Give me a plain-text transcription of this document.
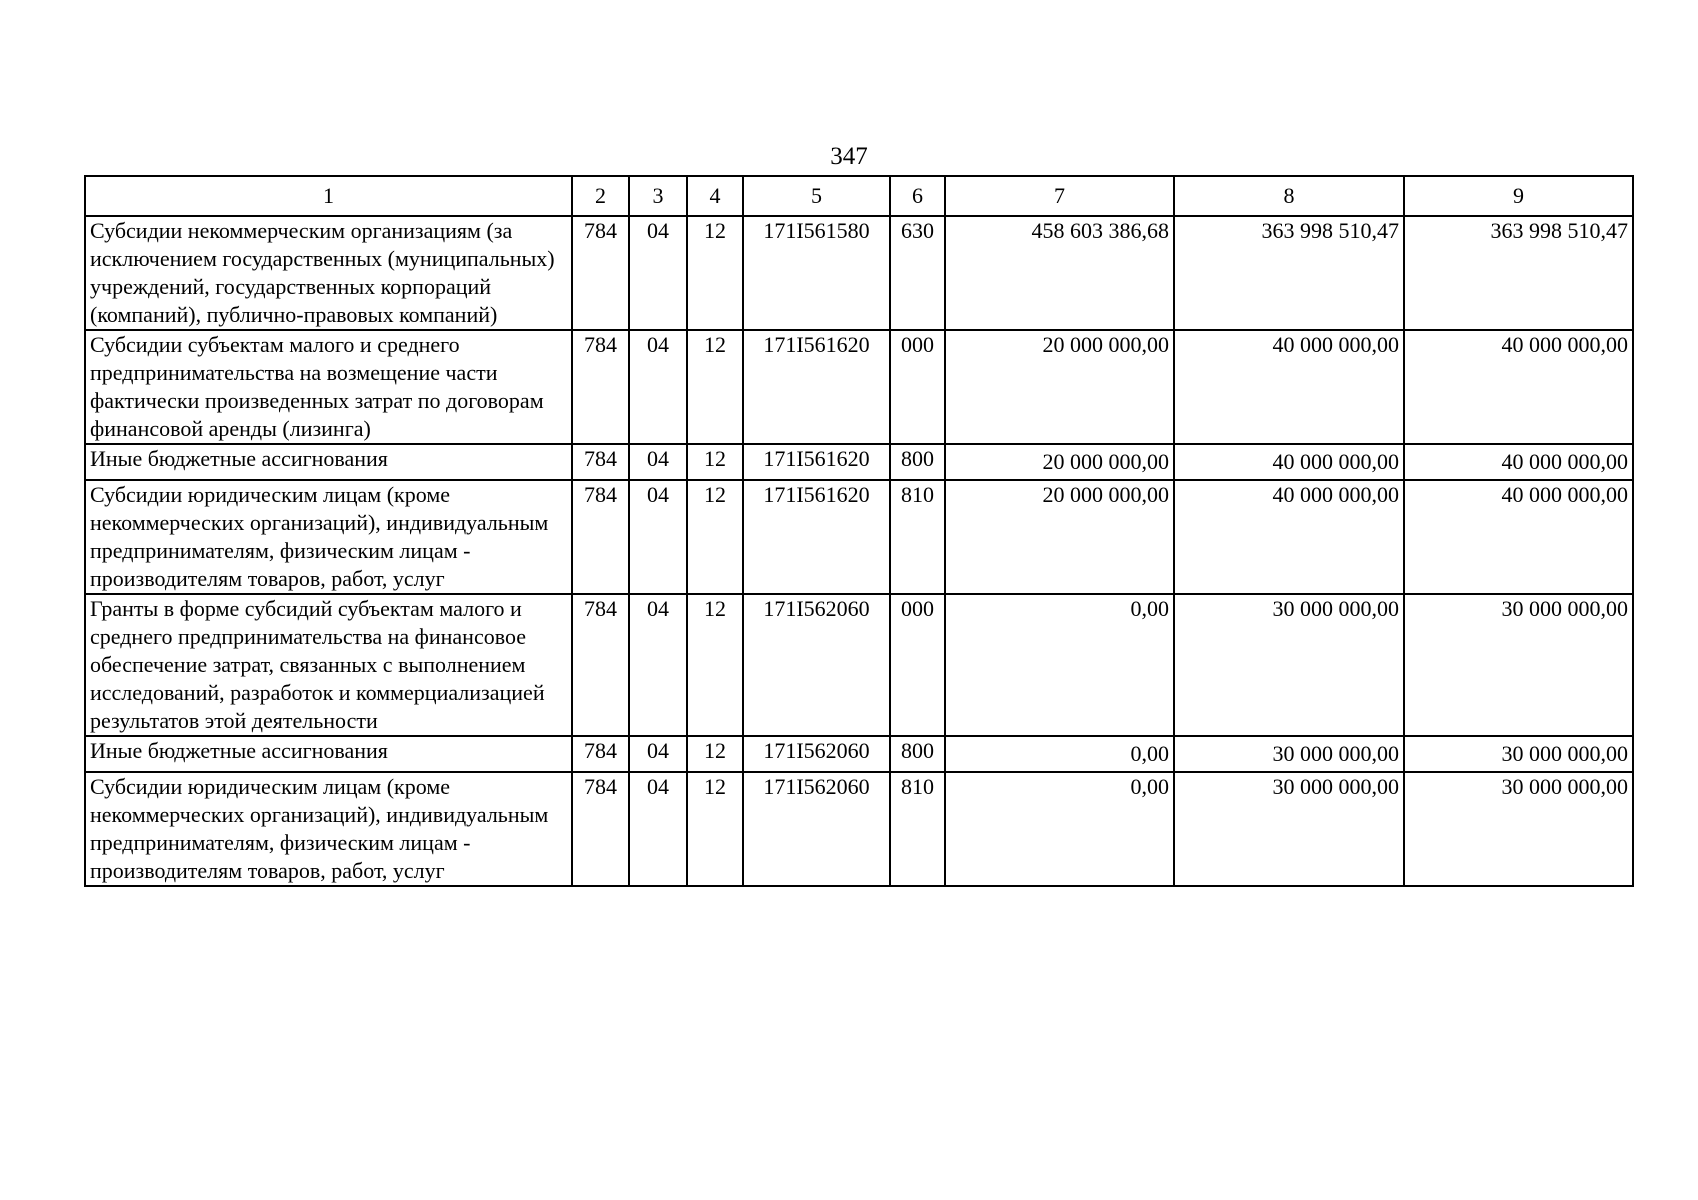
347
1	2	3	4	5	6	7	8	9
Субсидии некоммерческим организациям (за исключением государственных (муниципальных) учреждений, государственных корпораций (компаний), публично-правовых компаний)	784	04	12	171I561580	630	458 603 386,68	363 998 510,47	363 998 510,47
Субсидии субъектам малого и среднего предпринимательства на возмещение части фактически произведенных затрат по договорам финансовой аренды (лизинга)	784	04	12	171I561620	000	20 000 000,00	40 000 000,00	40 000 000,00
Иные бюджетные ассигнования	784	04	12	171I561620	800	20 000 000,00	40 000 000,00	40 000 000,00
Субсидии юридическим лицам (кроме некоммерческих организаций), индивидуальным предпринимателям, физическим лицам - производителям товаров, работ, услуг	784	04	12	171I561620	810	20 000 000,00	40 000 000,00	40 000 000,00
Гранты в форме субсидий субъектам малого и среднего предпринимательства на финансовое обеспечение затрат, связанных с выполнением исследований, разработок и коммерциализацией результатов этой деятельности	784	04	12	171I562060	000	0,00	30 000 000,00	30 000 000,00
Иные бюджетные ассигнования	784	04	12	171I562060	800	0,00	30 000 000,00	30 000 000,00
Субсидии юридическим лицам (кроме некоммерческих организаций), индивидуальным предпринимателям, физическим лицам - производителям товаров, работ, услуг	784	04	12	171I562060	810	0,00	30 000 000,00	30 000 000,00
